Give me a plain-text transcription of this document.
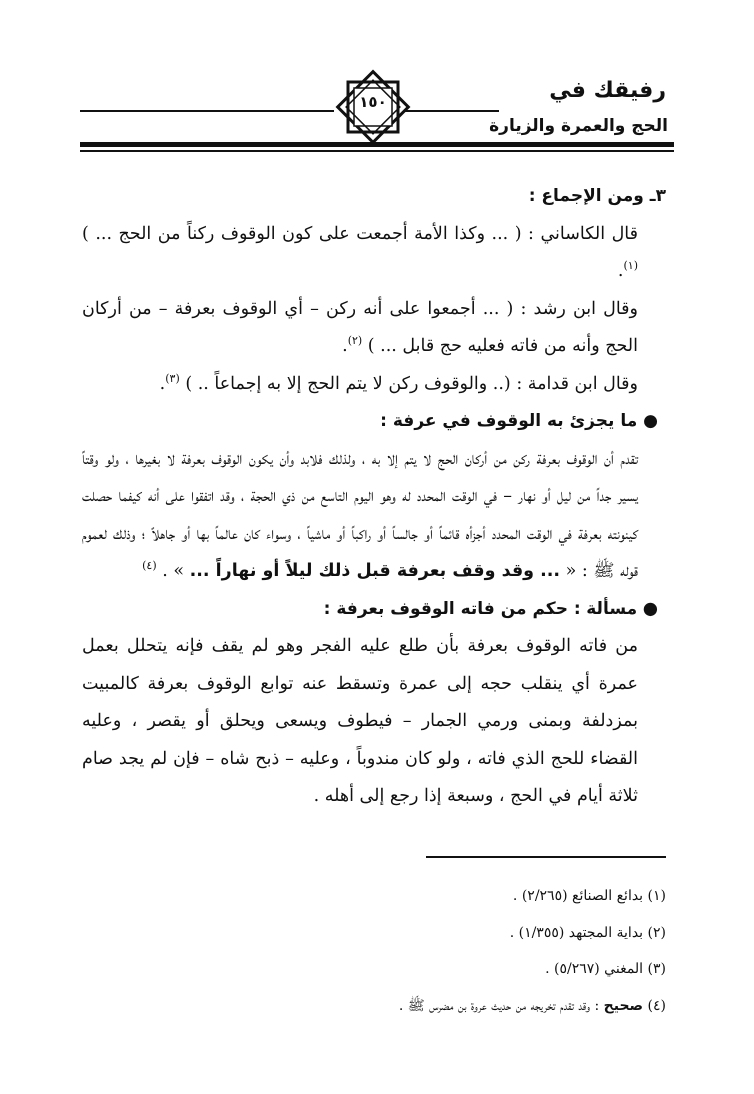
رفيقك في
الحج والعمرة والزيارة
١٥٠

٣ـ ومن الإجماع :

قال الكاساني : ( ... وكذا الأمة أجمعت على كون الوقوف ركناً من الحج ... ) $^{(١)}$.

وقال ابن رشد : ( ... أجمعوا على أنه ركن – أي الوقوف بعرفة – من أركان الحج وأنه من فاته فعليه حج قابل ... ) $^{(٢)}$.

وقال ابن قدامة : (.. والوقوف ركن لا يتم الحج إلا به إجماعاً .. ) $^{(٣)}$.

● ما يجزئ به الوقوف في عرفة :

تقدم أن الوقوف بعرفة ركن من أركان الحج لا يتم إلا به ، ولذلك فلابد وأن يكون الوقوف بعرفة لا بغيرها ، ولو وقتاً يسير جداً من ليل أو نهار – في الوقت المحدد له وهو اليوم التاسع من ذي الحجة ، وقد اتفقوا على أنه كيفما حصلت كينونته بعرفة في الوقت المحدد أجزأه قائماً أو جالساً أو راكباً أو ماشياً ، وسواء كان عالماً بها أو جاهلاً ؛ وذلك لعموم قوله ﷺ : « ... وقد وقف بعرفة قبل ذلك ليلاً أو نهاراً ... » . $^{(٤)}$

● مسألة : حكم من فاته الوقوف بعرفة :

من فاته الوقوف بعرفة بأن طلع عليه الفجر وهو لم يقف فإنه يتحلل بعمل عمرة أي ينقلب حجه إلى عمرة وتسقط عنه توابع الوقوف بعرفة كالمبيت بمزدلفة وبمنى ورمي الجمار – فيطوف ويسعى ويحلق أو يقصر ، وعليه القضاء للحج الذي فاته ، ولو كان مندوباً ، وعليه – ذبح شاه – فإن لم يجد صام ثلاثة أيام في الحج ، وسبعة إذا رجع إلى أهله .

(١) بدائع الصنائع (٢/٢٦٥) .
(٢) بداية المجتهد (١/٣٥٥) .
(٣) المغني (٥/٢٦٧) .
(٤) صحيح : وقد تقدم تخريجه من حديث عروة بن مضرس ﷺ .
